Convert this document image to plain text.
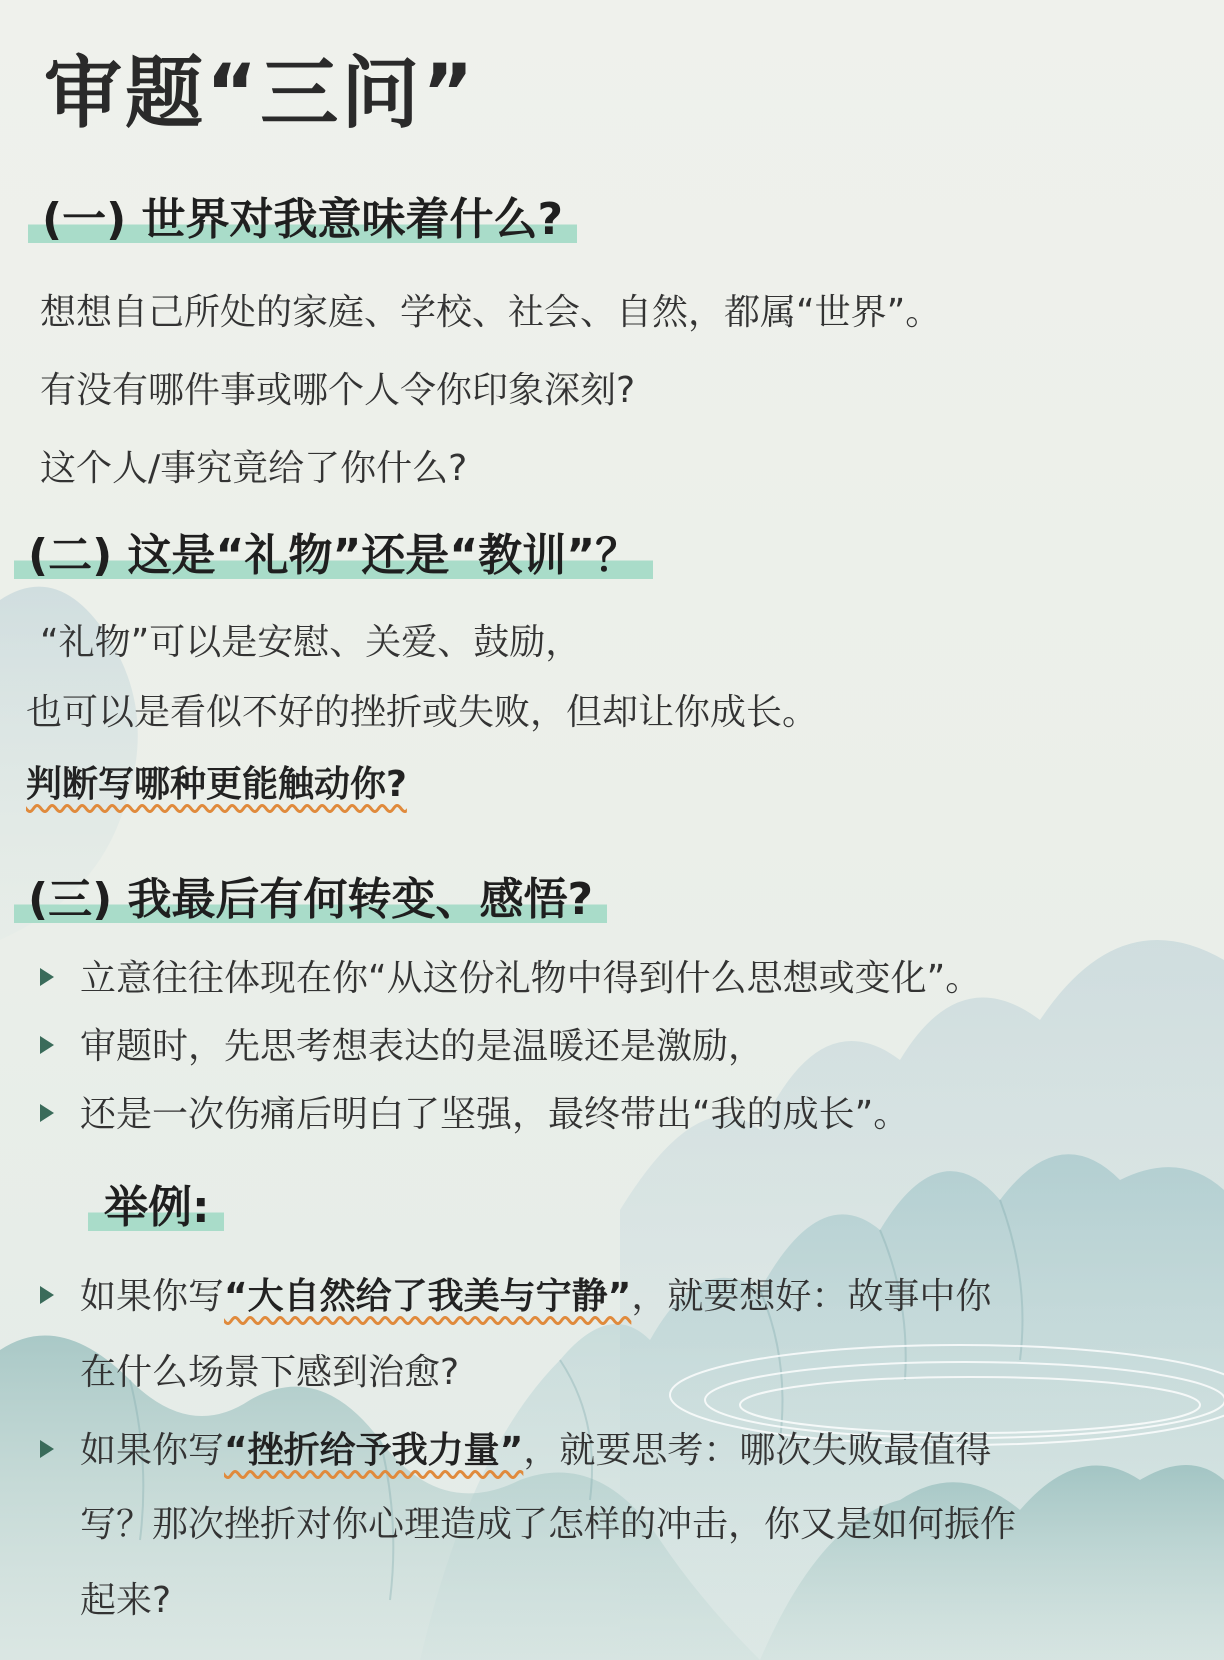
审题“三问”
(一) 世界对我意味着什么?
想想自己所处的家庭、学校、社会、自然，都属“世界”。
有没有哪件事或哪个人令你印象深刻?
这个人/事究竟给了你什么?
(二) 这是“礼物”还是“教训”？
“礼物”可以是安慰、关爱、鼓励，
也可以是看似不好的挫折或失败，但却让你成长。
判断写哪种更能触动你?
(三) 我最后有何转变、感悟?
立意往往体现在你“从这份礼物中得到什么思想或变化”。
审题时，先思考想表达的是温暖还是激励，
还是一次伤痛后明白了坚强，最终带出“我的成长”。
举例:
如果你写“大自然给了我美与宁静”，就要想好：故事中你
在什么场景下感到治愈?
如果你写“挫折给予我力量”，就要思考：哪次失败最值得
写？那次挫折对你心理造成了怎样的冲击，你又是如何振作
起来?
